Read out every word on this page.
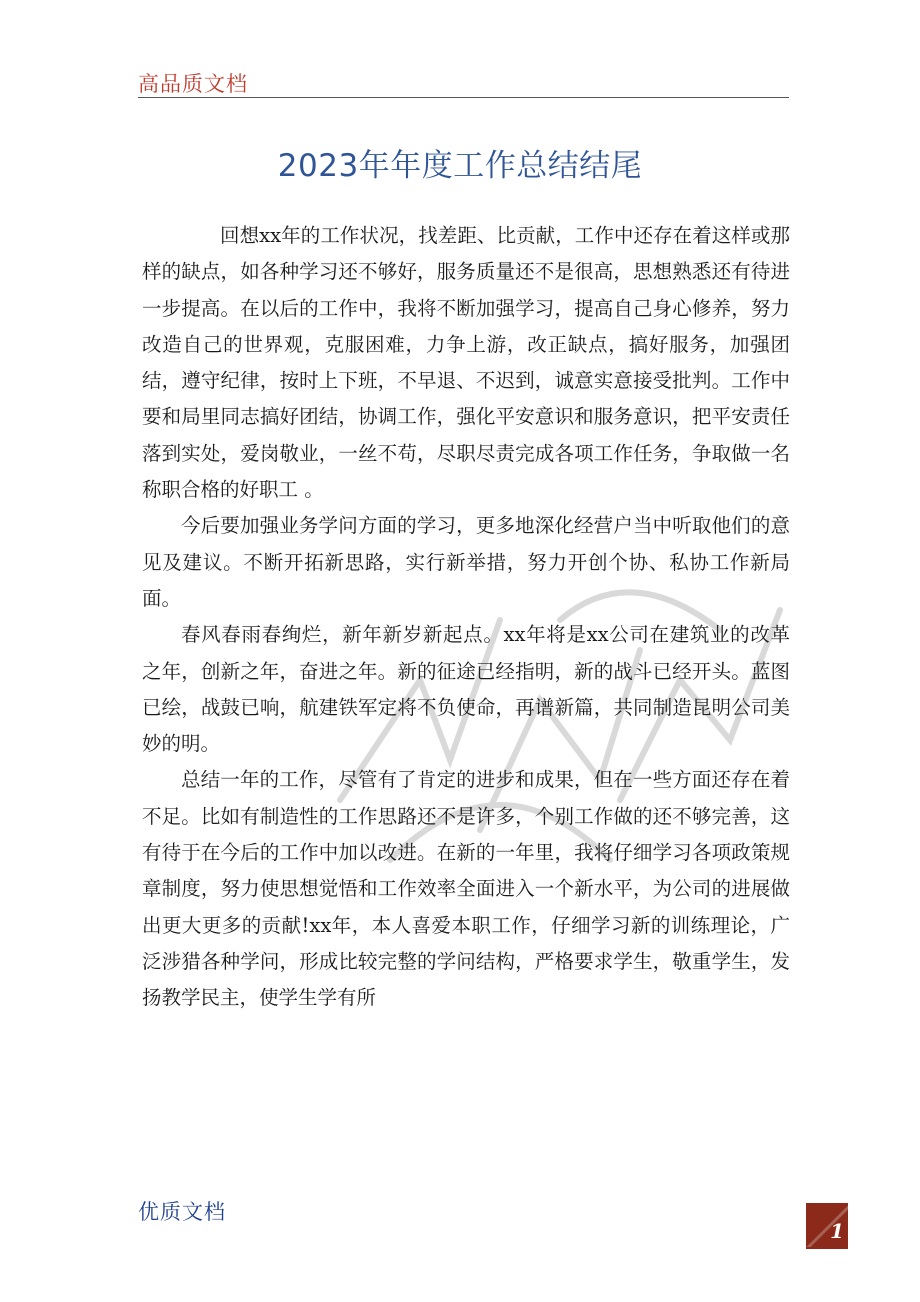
高品质文档
2023年年度工作总结结尾

回想xx年的工作状况，找差距、比贡献，工作中还存在着这样或那样的缺点，如各种学习还不够好，服务质量还不是很高，思想熟悉还有待进一步提高。在以后的工作中，我将不断加强学习，提高自己身心修养，努力改造自己的世界观，克服困难，力争上游，改正缺点，搞好服务，加强团结，遵守纪律，按时上下班，不早退、不迟到，诚意实意接受批判。工作中要和局里同志搞好团结，协调工作，强化平安意识和服务意识，把平安责任落到实处，爱岗敬业，一丝不苟，尽职尽责完成各项工作任务，争取做一名称职合格的好职工 。

今后要加强业务学问方面的学习，更多地深化经营户当中听取他们的意见及建议。不断开拓新思路，实行新举措，努力开创个协、私协工作新局面。

春风春雨春绚烂，新年新岁新起点。xx年将是xx公司在建筑业的改革之年，创新之年，奋进之年。新的征途已经指明，新的战斗已经开头。蓝图已绘，战鼓已响，航建铁军定将不负使命，再谱新篇，共同制造昆明公司美妙的明。

总结一年的工作，尽管有了肯定的进步和成果，但在一些方面还存在着不足。比如有制造性的工作思路还不是许多，个别工作做的还不够完善，这有待于在今后的工作中加以改进。在新的一年里，我将仔细学习各项政策规章制度，努力使思想觉悟和工作效率全面进入一个新水平，为公司的进展做出更大更多的贡献!xx年，本人喜爱本职工作，仔细学习新的训练理论，广泛涉猎各种学问，形成比较完整的学问结构，严格要求学生，敬重学生，发扬教学民主，使学生学有所

优质文档
1
